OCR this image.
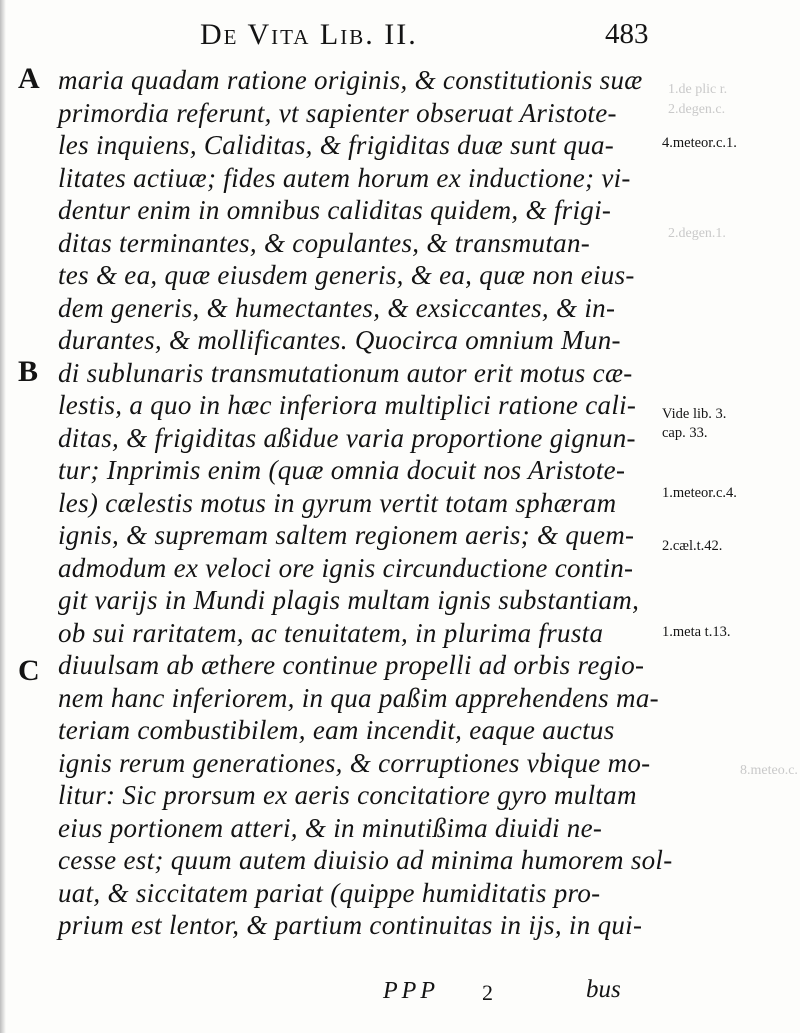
1.de plic r.
2.degen.c.
2.degen.1.
8.meteo.c.
De Vita Lib. II.	483
A
B
C
maria quadam ratione originis, & constitutionis suæ
primordia referunt, vt sapienter obseruat Aristote-
les inquiens, Caliditas, & frigiditas duæ sunt qua-
litates actiuæ; fides autem horum ex inductione; vi-
dentur enim in omnibus caliditas quidem, & frigi-
ditas terminantes, & copulantes, & transmutan-
tes & ea, quæ eiusdem generis, & ea, quæ non eius-
dem generis, & humectantes, & exsiccantes, & in-
durantes, & mollificantes. Quocirca omnium Mun-
di sublunaris transmutationum autor erit motus cæ-
lestis, a quo in hæc inferiora multiplici ratione cali-
ditas, & frigiditas aßidue varia proportione gignun-
tur; Inprimis enim (quæ omnia docuit nos Aristote-
les) cælestis motus in gyrum vertit totam sphæram
ignis, & supremam saltem regionem aeris; & quem-
admodum ex veloci ore ignis circunductione contin-
git varijs in Mundi plagis multam ignis substantiam,
ob sui raritatem, ac tenuitatem, in plurima frusta
diuulsam ab æthere continue propelli ad orbis regio-
nem hanc inferiorem, in qua paßim apprehendens ma-
teriam combustibilem, eam incendit, eaque auctus
ignis rerum generationes, & corruptiones vbique mo-
litur: Sic prorsum ex aeris concitatiore gyro multam
eius portionem atteri, & in minutißima diuidi ne-
cesse est; quum autem diuisio ad minima humorem sol-
uat, & siccitatem pariat (quippe humiditatis pro-
prium est lentor, & partium continuitas in ijs, in qui-
4.meteor.c.1.
Vide lib. 3.
cap. 33.
1.meteor.c.4.
2.cæl.t.42.
1.meta t.13.
PPP 2	bus
